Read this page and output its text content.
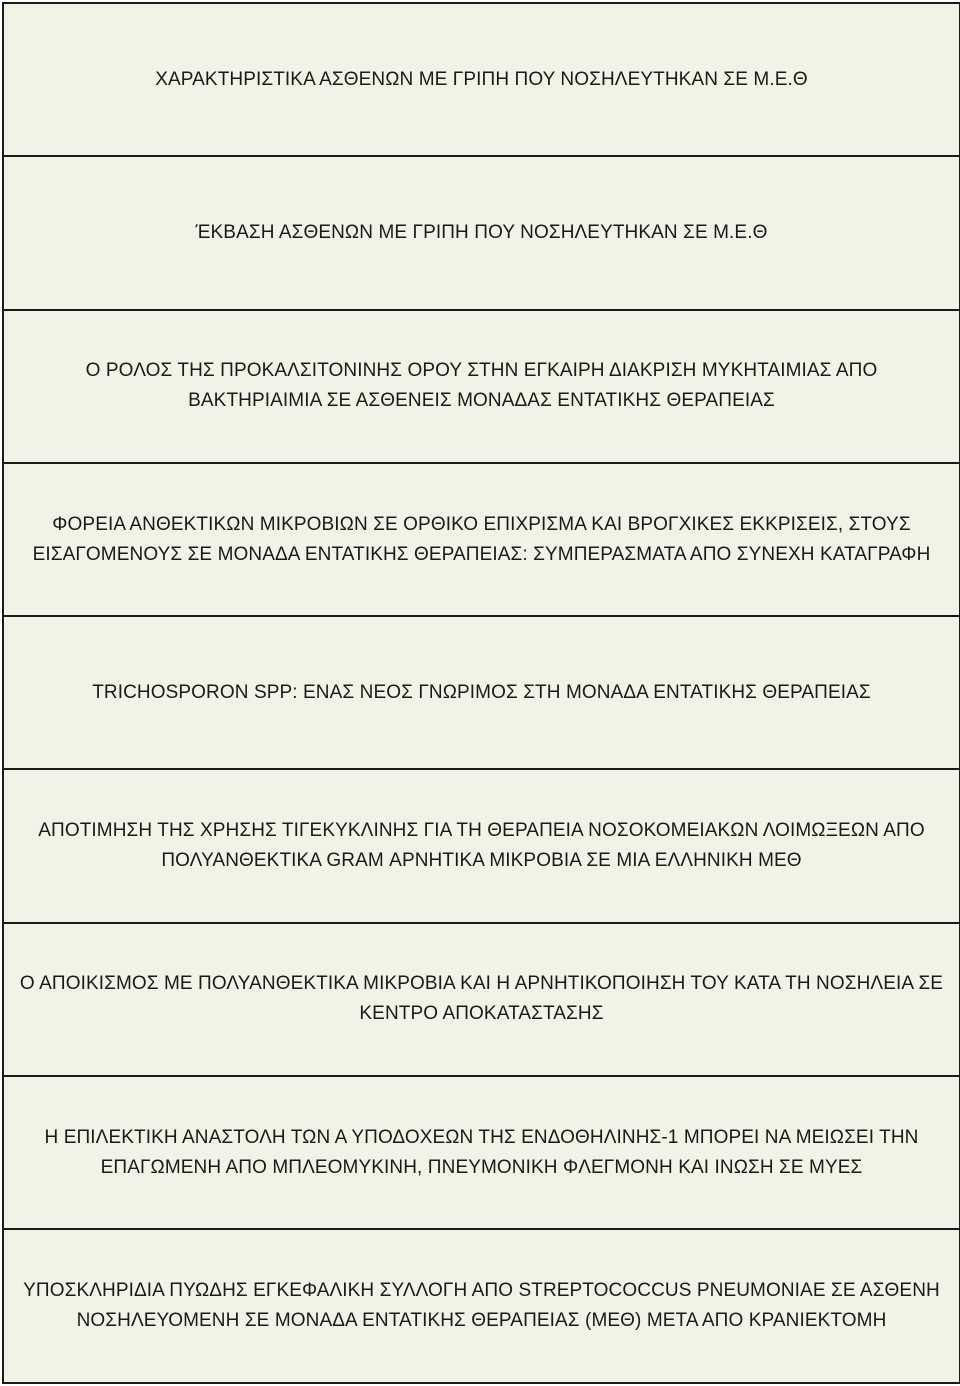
ΧΑΡΑΚΤΗΡΙΣΤΙΚΑ ΑΣΘΕΝΩΝ ΜΕ ΓΡΙΠΗ ΠΟΥ ΝΟΣΗΛΕΥΤΗΚΑΝ ΣΕ Μ.Ε.Θ
ΈΚΒΑΣΗ ΑΣΘΕΝΩΝ ΜΕ ΓΡΙΠΗ ΠΟΥ ΝΟΣΗΛΕΥΤΗΚΑΝ ΣΕ Μ.Ε.Θ
Ο ΡΟΛΟΣ ΤΗΣ ΠΡΟΚΑΛΣΙΤΟΝΙΝΗΣ ΟΡΟΥ ΣΤΗΝ ΕΓΚΑΙΡΗ ΔΙΑΚΡΙΣΗ ΜΥΚΗΤΑΙΜΙΑΣ ΑΠΟ ΒΑΚΤΗΡΙΑΙΜΙΑ ΣΕ ΑΣΘΕΝΕΙΣ ΜΟΝΑΔΑΣ ΕΝΤΑΤΙΚΗΣ ΘΕΡΑΠΕΙΑΣ
ΦΟΡΕΙΑ ΑΝΘΕΚΤΙΚΩΝ ΜΙΚΡΟΒΙΩΝ ΣΕ ΟΡΘΙΚΟ ΕΠΙΧΡΙΣΜΑ ΚΑΙ ΒΡΟΓΧΙΚΕΣ ΕΚΚΡΙΣΕΙΣ, ΣΤΟΥΣ ΕΙΣΑΓΟΜΕΝΟΥΣ ΣΕ ΜΟΝΑΔΑ ΕΝΤΑΤΙΚΗΣ ΘΕΡΑΠΕΙΑΣ: ΣΥΜΠΕΡΑΣΜΑΤΑ ΑΠΟ ΣΥΝΕΧΗ ΚΑΤΑΓΡΑΦΗ
TRICHOSPORON SPP: ΕΝΑΣ ΝΕΟΣ ΓΝΩΡΙΜΟΣ ΣΤΗ ΜΟΝΑΔΑ ΕΝΤΑΤΙΚΗΣ ΘΕΡΑΠΕΙΑΣ
ΑΠΟΤΙΜΗΣΗ ΤΗΣ ΧΡΗΣΗΣ ΤΙΓΕΚΥΚΛΙΝΗΣ ΓΙΑ ΤΗ ΘΕΡΑΠΕΙΑ ΝΟΣΟΚΟΜΕΙΑΚΩΝ ΛΟΙΜΩΞΕΩΝ ΑΠΟ ΠΟΛΥΑΝΘΕΚΤΙΚΑ GRAM ΑΡΝΗΤΙΚΑ ΜΙΚΡΟΒΙΑ ΣΕ ΜΙΑ ΕΛΛΗΝΙΚΗ ΜΕΘ
Ο ΑΠΟΙΚΙΣΜΟΣ ΜΕ ΠΟΛΥΑΝΘΕΚΤΙΚΑ ΜΙΚΡΟΒΙΑ ΚΑΙ Η ΑΡΝΗΤΙΚΟΠΟΙΗΣΗ ΤΟΥ ΚΑΤΑ ΤΗ ΝΟΣΗΛΕΙΑ ΣΕ ΚΕΝΤΡΟ ΑΠΟΚΑΤΑΣΤΑΣΗΣ
Η ΕΠΙΛΕΚΤΙΚΗ ΑΝΑΣΤΟΛΗ ΤΩΝ Α ΥΠΟΔΟΧΕΩΝ ΤΗΣ ΕΝΔΟΘΗΛΙΝΗΣ-1 ΜΠΟΡΕΙ ΝΑ ΜΕΙΩΣΕΙ ΤΗΝ ΕΠΑΓΩΜΕΝΗ ΑΠΟ ΜΠΛΕΟΜΥΚΙΝΗ, ΠΝΕΥΜΟΝΙΚΗ ΦΛΕΓΜΟΝΗ ΚΑΙ ΙΝΩΣΗ ΣΕ ΜΥΕΣ
ΥΠΟΣΚΛΗΡΙΔΙΑ ΠΥΩΔΗΣ ΕΓΚΕΦΑΛΙΚΗ ΣΥΛΛΟΓΗ ΑΠΟ STREPTOCOCCUS PNEUMONIAE ΣΕ ΑΣΘΕΝΗ ΝΟΣΗΛΕΥΟΜΕΝΗ ΣΕ ΜΟΝΑΔΑ ΕΝΤΑΤΙΚΗΣ ΘΕΡΑΠΕΙΑΣ (ΜΕΘ) ΜΕΤΑ ΑΠΟ ΚΡΑΝΙΕΚΤΟΜΗ
